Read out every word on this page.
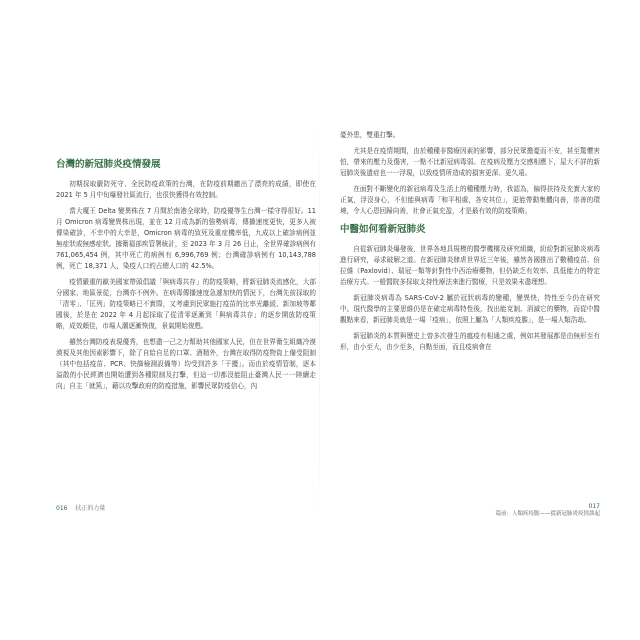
台灣的新冠肺炎疫情發展

初期採取嚴防死守、全民防疫政策的台灣，在防疫前期繳出了漂亮的成績，即使在 2021 年 5 月中旬爆發社區流行，也很快獲得有效控制。

當大魔王 Delta 變異株在 7 月間於南港全球時，防疫優等生台灣一樣守得很好。11 月 Omicron 病毒變異株出現，並在 12 月成為新的強勢病毒，傳播速度更快，更多人被傳染確診，不幸中的大幸是，Omicron 病毒的致死及重症機率低，九成以上確診病例並無症狀或無感症狀。據衛福部疾管署統計，至 2023 年 3 月 26 日止，全世界確診病例有 761,065,454 例，其中死亡的病例有 6,996,769 例；台灣確診病例有 10,143,788 例，死亡 18,371 人，染疫人口約占總人口的 42.5%。

疫情嚴重的歐美國家帶頭倡議「與病毒共存」的防疫策略，將新冠肺炎流感化，大部分國家、地區景從，台灣亦不例外。在病毒傳播速度急遽加快的情況下，台灣先前採取的「清零」、「匡列」防疫策略已不實際，又考慮到民眾施打疫苗的比率光離緩、新加坡等鄰國後，於是在 2022 年 4 月起採取了從清零逐漸到「與病毒共存」的逐步開放防疫策略，成效頗佳，市場人潮逐漸恢復，景氣開始復甦。

雖然台灣防疫表現優秀，也想盡一己之力幫助其他國家人民，但在世界衛生組織冷漠漠視及其他因素影響下，除了自給自足的口罩、酒精外，台灣在取得防疫物資上備受阻制（其中包括疫苗、PCR、快篩檢測設備等）均受到許多「干擾」。而由於疫情管制，逐本溢散的小民經濟也開始遭到各種限制及打擊，但這一切都沒能阻止臺灣人民一一陸續走向」自主「就篤」，藉以攻擊政府的防疫措施，影響民眾防疫信心，內

憂外患，雙重打擊。

尤其是在疫情期間，由於種種非醫療因素的影響，部分民眾擔憂而不安，甚至驚懼害怕，帶來的壓力及傷害，一點不比新冠病毒弱。在疫病及壓力交感相應下，屋大不詳的新冠肺炎後遺症也一一浮現，以致疫情所造成的損害更深、更久遠。

在面對不斷變化的新冠病毒及生活上的種種壓力時，我認為，偏得扶持及充實大家的正氣，浮沒身心，不但能與病毒「和平相處，各安其位」，更能帶動集體向善，崇善的環境，令人心恩回歸向善，社會正氣充盈，才是最有效的防疫策略。

中醫如何看新冠肺炎

自從新冠肺炎爆發後，世界各地具規模的醫學機構及研究組織，紛紛對新冠肺炎病毒進行研究，尋求破解之道。在新冠肺炎肆虐世界近三年後，雖然各國推出了數種疫苗、倍拉維（Paxlovid）、瑞冠一類等針對性中西治療藥物，但仍缺乏有效率、具低能力的特定治療方式。一般醫院多採取支持性療法來進行醫療，只是效果未盡理想。

新冠肺炎病毒為 SARS-CoV-2 屬於冠狀病毒的變種，變異快，特性至今仍在研究中。現代醫學的主要思維仍是在確定病毒特性後，找出能克制、消滅它的藥物，而從中醫觀點來看，新冠肺炎就是一場「疫病」，依照上屬為「人類疾疫膽」，是一場人類浩劫。

新冠肺炎的本質與歷史上曾多次發生的瘟疫有相通之處，例如其發展都是由無形至有形，由小至大，由少至多，自點至面，而且疫病會在

016 扶正的力量	017
篇前：人類疾疫膽——從新冠肺炎疫情談起
